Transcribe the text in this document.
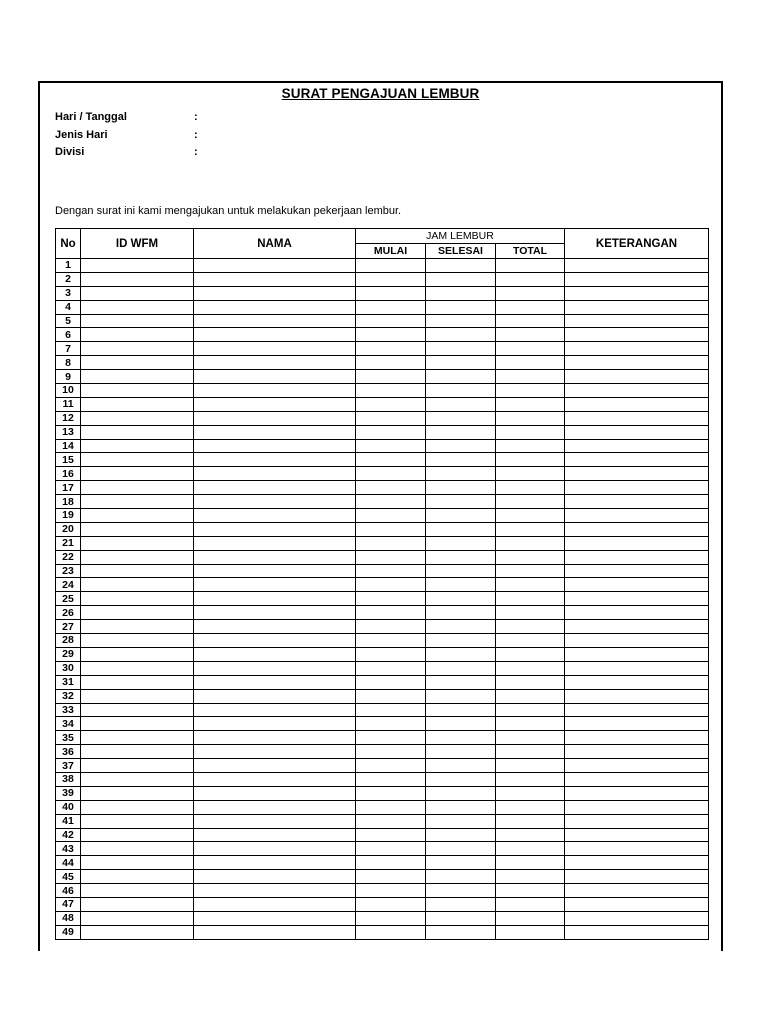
SURAT PENGAJUAN LEMBUR
Hari / Tanggal	:
Jenis Hari	:
Divisi	:
Dengan surat ini kami mengajukan untuk melakukan pekerjaan lembur.
No	ID WFM	NAMA	JAM LEMBUR			KETERANGAN
			MULAI	SELESAI	TOTAL	
1						
2						
3						
4						
5						
6						
7						
8						
9						
10						
11						
12						
13						
14						
15						
16						
17						
18						
19						
20						
21						
22						
23						
24						
25						
26						
27						
28						
29						
30						
31						
32						
33						
34						
35						
36						
37						
38						
39						
40						
41						
42						
43						
44						
45						
46						
47						
48						
49						
